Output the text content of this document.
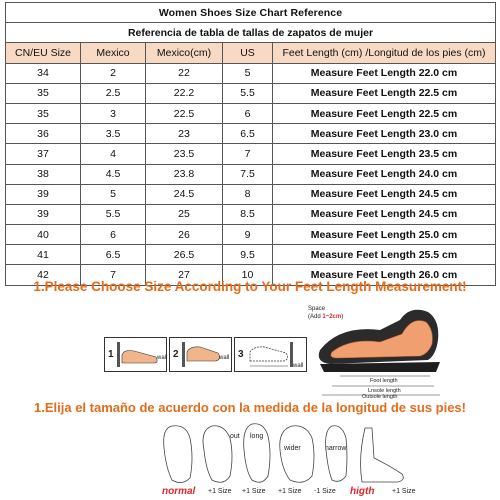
Women Shoes Size Chart Reference				
Referencia de tabla de tallas de zapatos de mujer				
CN/EU Size	Mexico	Mexico(cm)	US	Feet Length (cm) /Longitud de los pies (cm)
34	2	22	5	Measure Feet Length 22.0 cm
35	2.5	22.2	5.5	Measure Feet Length 22.5 cm
35	3	22.5	6	Measure Feet Length 22.5 cm
36	3.5	23	6.5	Measure Feet Length 23.0 cm
37	4	23.5	7	Measure Feet Length 23.5 cm
38	4.5	23.8	7.5	Measure Feet Length 24.0 cm
39	5	24.5	8	Measure Feet Length 24.5 cm
39	5.5	25	8.5	Measure Feet Length 24.5 cm
40	6	26	9	Measure Feet Length 25.0 cm
41	6.5	26.5	9.5	Measure Feet Length 25.5 cm
42	7	27	10	Measure Feet Length 26.0 cm
1.Please Choose Size According to Your Feet Length Measurement!
1	wall 2	wall 3
wall
Space
(Add 1~2cm)
Foot length
Lnsole length
Outsole length
1.Elija el tamaño de acuerdo con la medida de la longitud de sus pies!
out long
wider	narrow
normal +1 Size +1 Size +1 Size -1 Size higth	+1 Size
